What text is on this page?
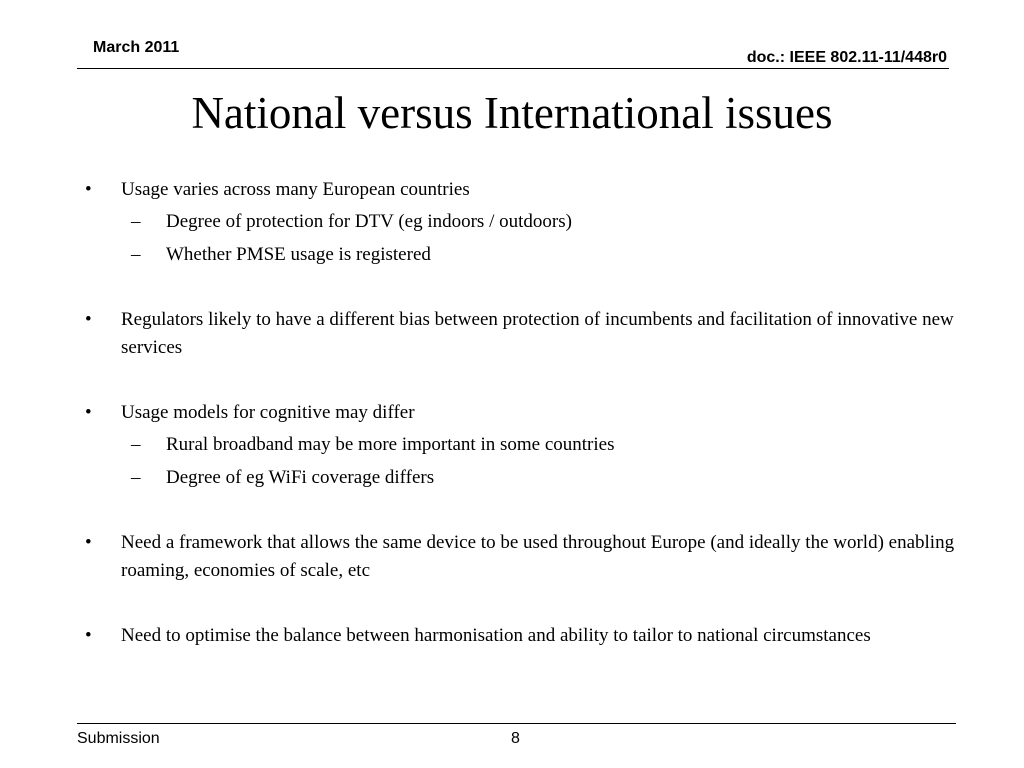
March 2011
doc.: IEEE 802.11-11/448r0
National versus International issues
• Usage varies across many European countries
– Degree of protection for DTV (eg indoors / outdoors)
– Whether PMSE usage is registered
• Regulators likely to have a different bias between protection of incumbents and facilitation of innovative new services
• Usage models for cognitive may differ
– Rural broadband may be more important in some countries
– Degree of eg WiFi coverage differs
• Need a framework that allows the same device to be used throughout Europe (and ideally the world) enabling roaming, economies of scale, etc
• Need to optimise the balance between harmonisation and ability to tailor to national circumstances
Submission	8
